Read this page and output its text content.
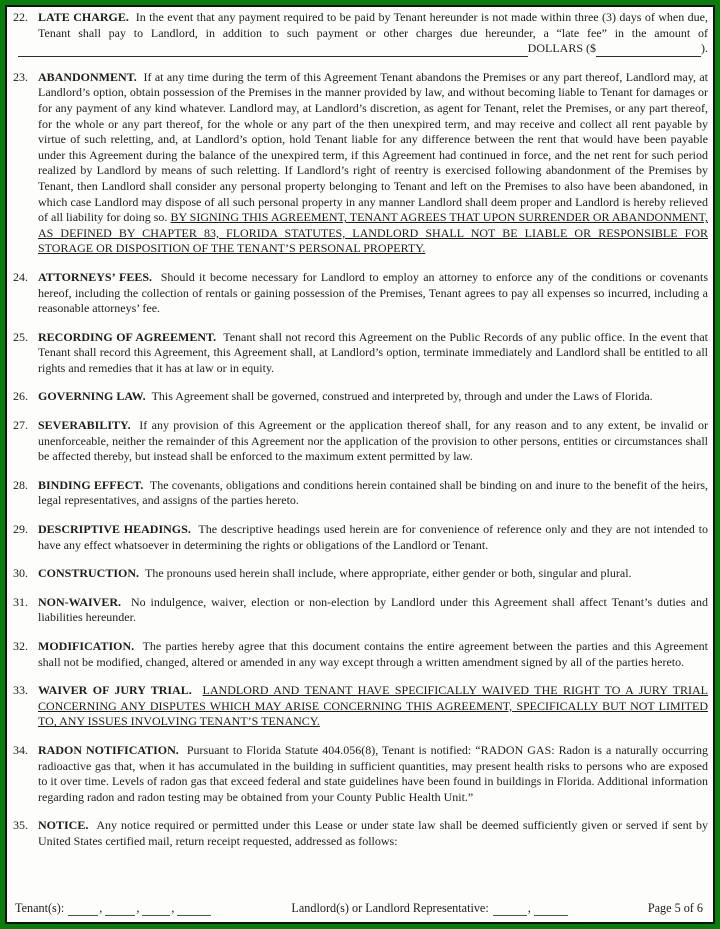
22. LATE CHARGE. In the event that any payment required to be paid by Tenant hereunder is not made within three (3) days of when due, Tenant shall pay to Landlord, in addition to such payment or other charges due hereunder, a “late fee” in the amount of

DOLLARS ($	).
23. ABANDONMENT. If at any time during the term of this Agreement Tenant abandons the Premises or any part thereof, Landlord may, at Landlord’s option, obtain possession of the Premises in the manner provided by law, and without becoming liable to Tenant for damages or for any payment of any kind whatever. Landlord may, at Landlord’s discretion, as agent for Tenant, relet the Premises, or any part thereof, for the whole or any part thereof, for the whole or any part of the then unexpired term, and may receive and collect all rent payable by virtue of such reletting, and, at Landlord’s option, hold Tenant liable for any difference between the rent that would have been payable under this Agreement during the balance of the unexpired term, if this Agreement had continued in force, and the net rent for such period realized by Landlord by means of such reletting. If Landlord’s right of reentry is exercised following abandonment of the Premises by Tenant, then Landlord shall consider any personal property belonging to Tenant and left on the Premises to also have been abandoned, in which case Landlord may dispose of all such personal property in any manner Landlord shall deem proper and Landlord is hereby relieved of all liability for doing so. BY SIGNING THIS AGREEMENT, TENANT AGREES THAT UPON SURRENDER OR ABANDONMENT, AS DEFINED BY CHAPTER 83, FLORIDA STATUTES, LANDLORD SHALL NOT BE LIABLE OR RESPONSIBLE FOR STORAGE OR DISPOSITION OF THE TENANT’S PERSONAL PROPERTY.

24. ATTORNEYS’ FEES. Should it become necessary for Landlord to employ an attorney to enforce any of the conditions or covenants hereof, including the collection of rentals or gaining possession of the Premises, Tenant agrees to pay all expenses so incurred, including a reasonable attorneys’ fee.

25. RECORDING OF AGREEMENT. Tenant shall not record this Agreement on the Public Records of any public office. In the event that Tenant shall record this Agreement, this Agreement shall, at Landlord’s option, terminate immediately and Landlord shall be entitled to all rights and remedies that it has at law or in equity.

26. GOVERNING LAW. This Agreement shall be governed, construed and interpreted by, through and under the Laws of Florida.

27. SEVERABILITY. If any provision of this Agreement or the application thereof shall, for any reason and to any extent, be invalid or unenforceable, neither the remainder of this Agreement nor the application of the provision to other persons, entities or circumstances shall be affected thereby, but instead shall be enforced to the maximum extent permitted by law.

28. BINDING EFFECT. The covenants, obligations and conditions herein contained shall be binding on and inure to the benefit of the heirs, legal representatives, and assigns of the parties hereto.

29. DESCRIPTIVE HEADINGS. The descriptive headings used herein are for convenience of reference only and they are not intended to have any effect whatsoever in determining the rights or obligations of the Landlord or Tenant.

30. CONSTRUCTION. The pronouns used herein shall include, where appropriate, either gender or both, singular and plural.

31. NON-WAIVER. No indulgence, waiver, election or non-election by Landlord under this Agreement shall affect Tenant’s duties and liabilities hereunder.

32. MODIFICATION. The parties hereby agree that this document contains the entire agreement between the parties and this Agreement shall not be modified, changed, altered or amended in any way except through a written amendment signed by all of the parties hereto.

33. WAIVER OF JURY TRIAL. LANDLORD AND TENANT HAVE SPECIFICALLY WAIVED THE RIGHT TO A JURY TRIAL CONCERNING ANY DISPUTES WHICH MAY ARISE CONCERNING THIS AGREEMENT, SPECIFICALLY BUT NOT LIMITED TO, ANY ISSUES INVOLVING TENANT’S TENANCY.

34. RADON NOTIFICATION. Pursuant to Florida Statute 404.056(8), Tenant is notified: “RADON GAS: Radon is a naturally occurring radioactive gas that, when it has accumulated in the building in sufficient quantities, may present health risks to persons who are exposed to it over time. Levels of radon gas that exceed federal and state guidelines have been found in buildings in Florida. Additional information regarding radon and radon testing may be obtained from your County Public Health Unit.”

35. NOTICE. Any notice required or permitted under this Lease or under state law shall be deemed sufficiently given or served if sent by United States certified mail, return receipt requested, addressed as follows:

Tenant(s):	,	,	,	Landlord(s) or Landlord Representative:	,	Page 5 of 6
